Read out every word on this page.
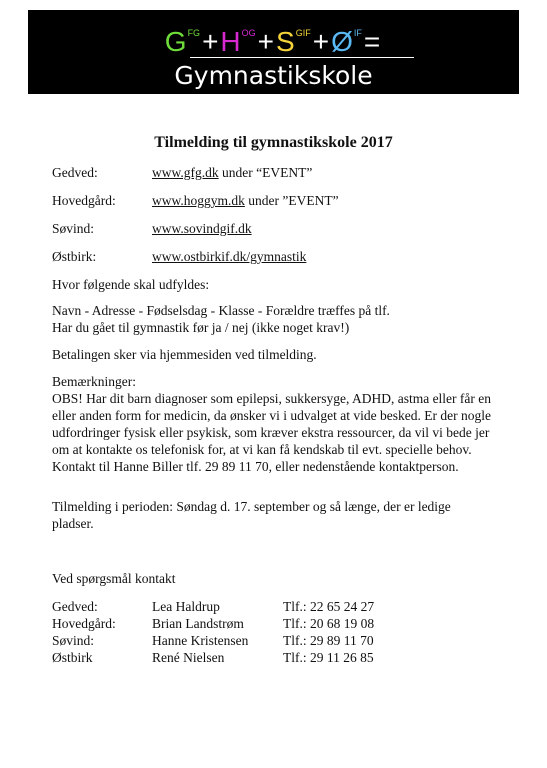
$G^{FG}+H^{OG}+S^{GIF}+Ø^{IF}=$
Gymnastikskole
Tilmelding til gymnastikskole 2017
Gedved:	www.gfg.dk under “EVENT”
Hovedgård:	www.hoggym.dk under ”EVENT”
Søvind:	www.sovindgif.dk
Østbirk:	www.ostbirkif.dk/gymnastik

Hvor følgende skal udfyldes:

Navn - Adresse - Fødselsdag - Klasse - Forældre træffes på tlf.

Har du gået til gymnastik før ja / nej (ikke noget krav!)

Betalingen sker via hjemmesiden ved tilmelding.

Bemærkninger:

OBS! Har dit barn diagnoser som epilepsi, sukkersyge, ADHD, astma eller får en eller anden form for medicin, da ønsker vi i udvalget at vide besked. Er der nogle udfordringer fysisk eller psykisk, som kræver ekstra ressourcer, da vil vi bede jer om at kontakte os telefonisk for, at vi kan få kendskab til evt. specielle behov. Kontakt til Hanne Biller tlf. 29 89 11 70, eller nedenstående kontaktperson.

Tilmelding i perioden: Søndag d. 17. september og så længe, der er ledige pladser.

Ved spørgsmål kontakt

Gedved:	Lea Haldrup	Tlf.: 22 65 24 27
Hovedgård:	Brian Landstrøm	Tlf.: 20 68 19 08
Søvind:	Hanne Kristensen	Tlf.: 29 89 11 70
Østbirk	René Nielsen	Tlf.: 29 11 26 85
